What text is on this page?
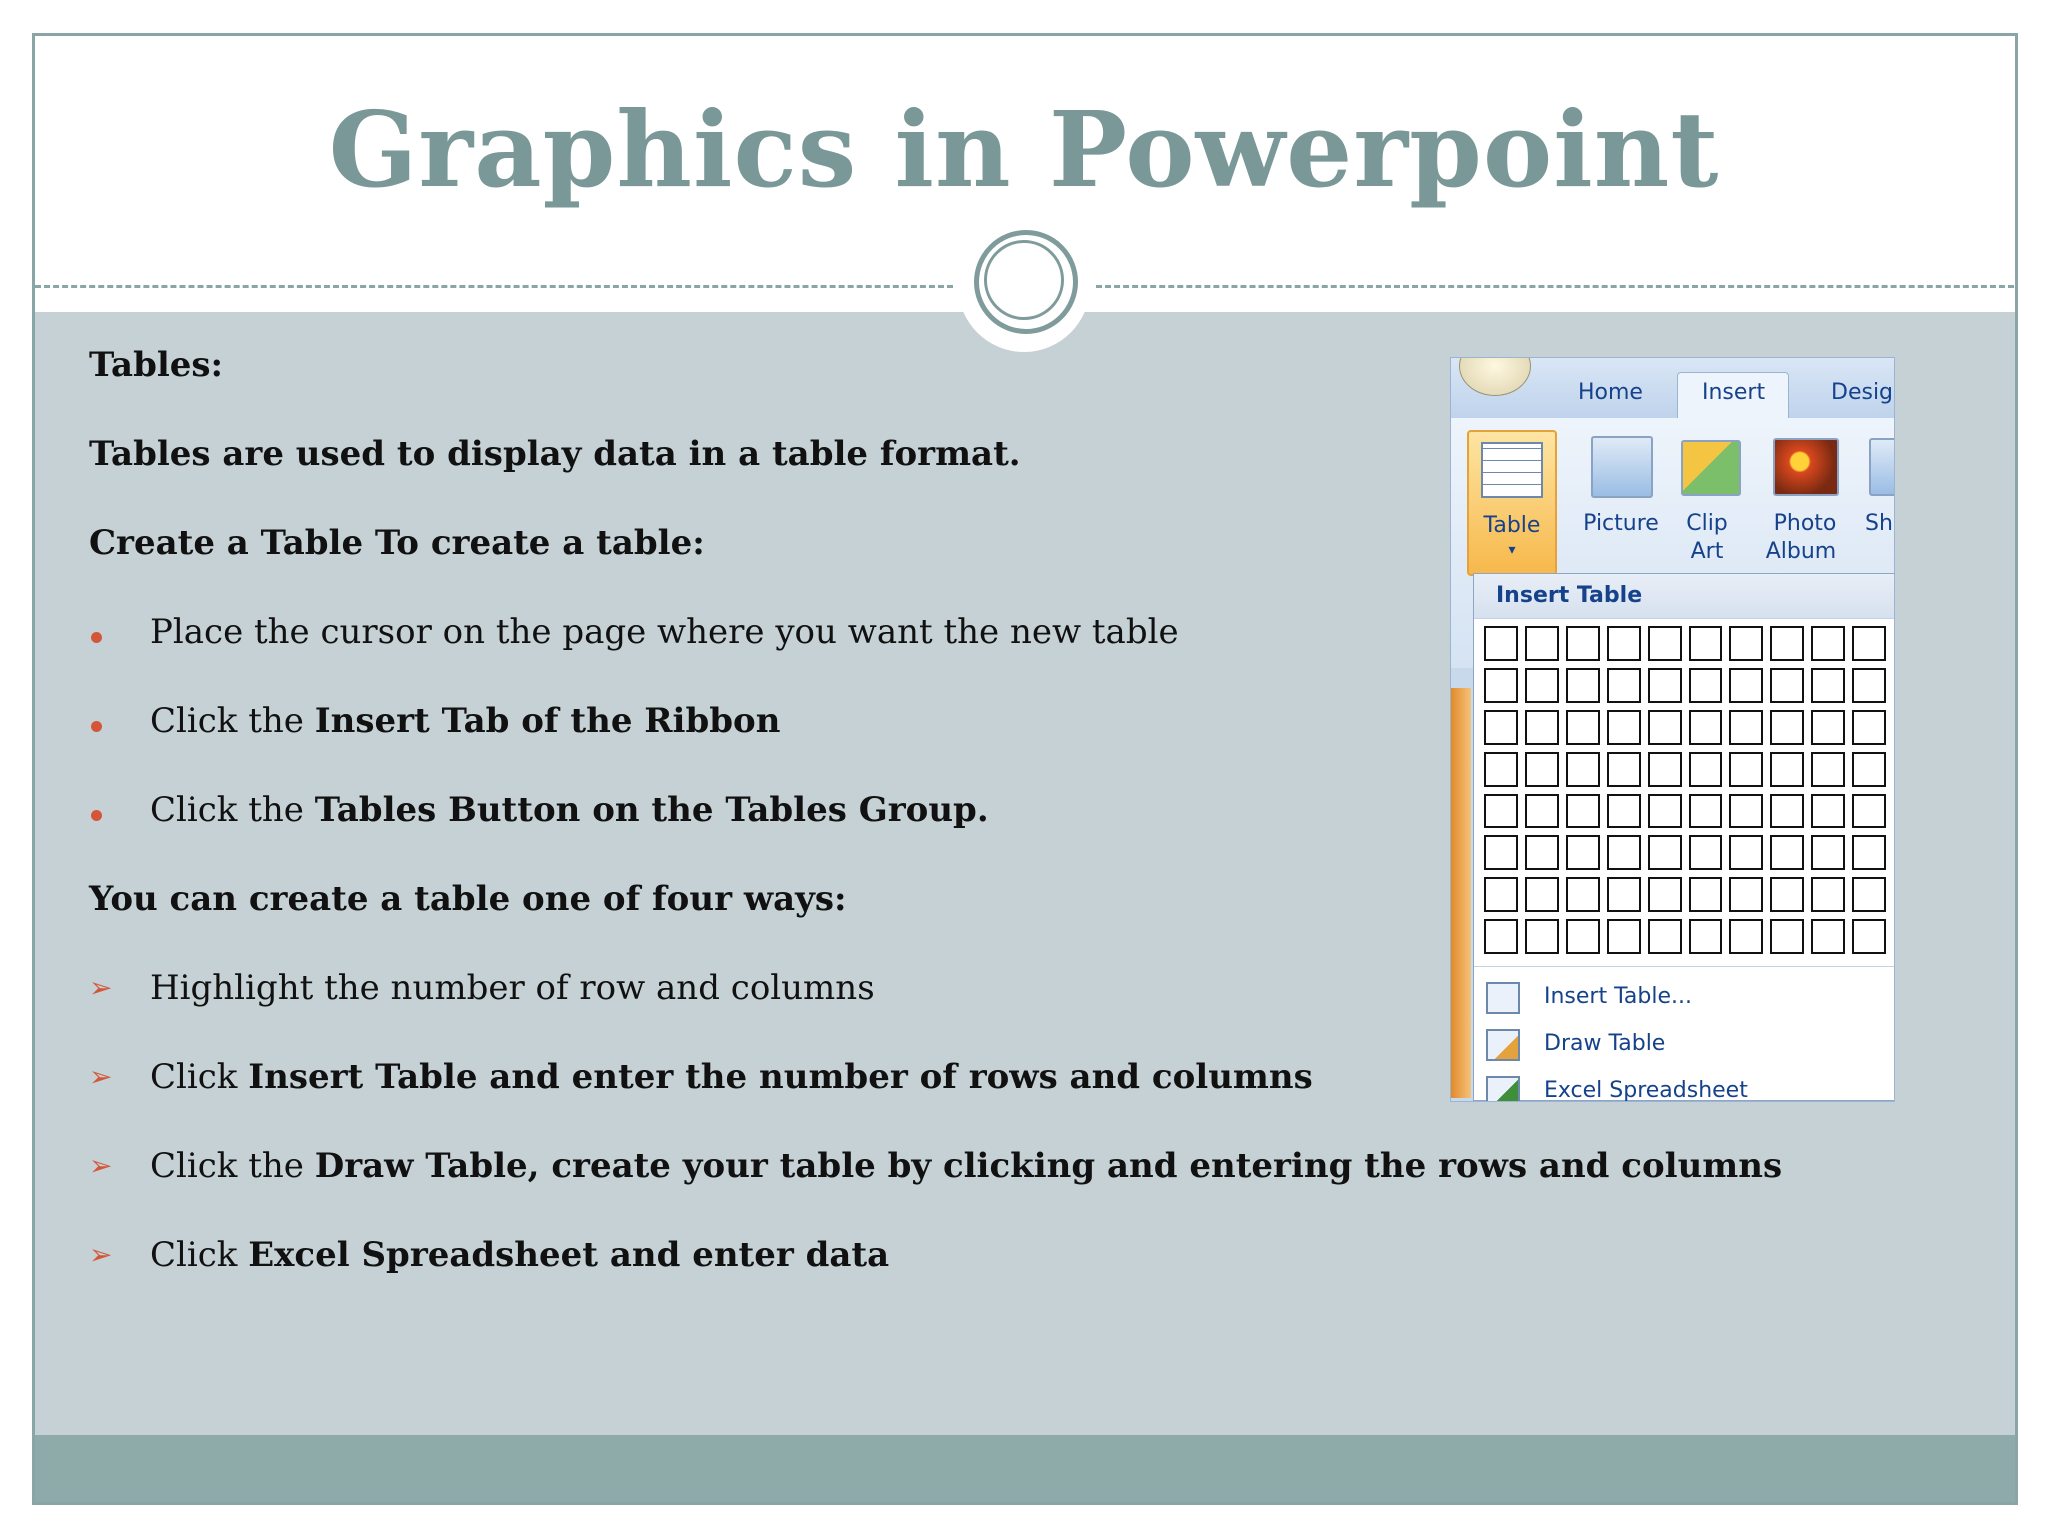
Graphics in Powerpoint
Tables:
Tables are used to display data in a table format.
Create a Table To create a table:
Place the cursor on the page where you want the new table
Click the Insert Tab of the Ribbon
Click the Tables Button on the Tables Group.
You can create a table one of four ways:
➢ Highlight the number of row and columns
➢ Click Insert Table and enter the number of rows and columns
➢ Click the Draw Table, create your table by clicking and entering the rows and columns
➢ Click Excel Spreadsheet and enter data
Home	Insert	Desig
Table
▾
Picture	Clip
Art
Photo
Album
Sh
Insert Table
Insert Table...
Draw Table
Excel Spreadsheet
